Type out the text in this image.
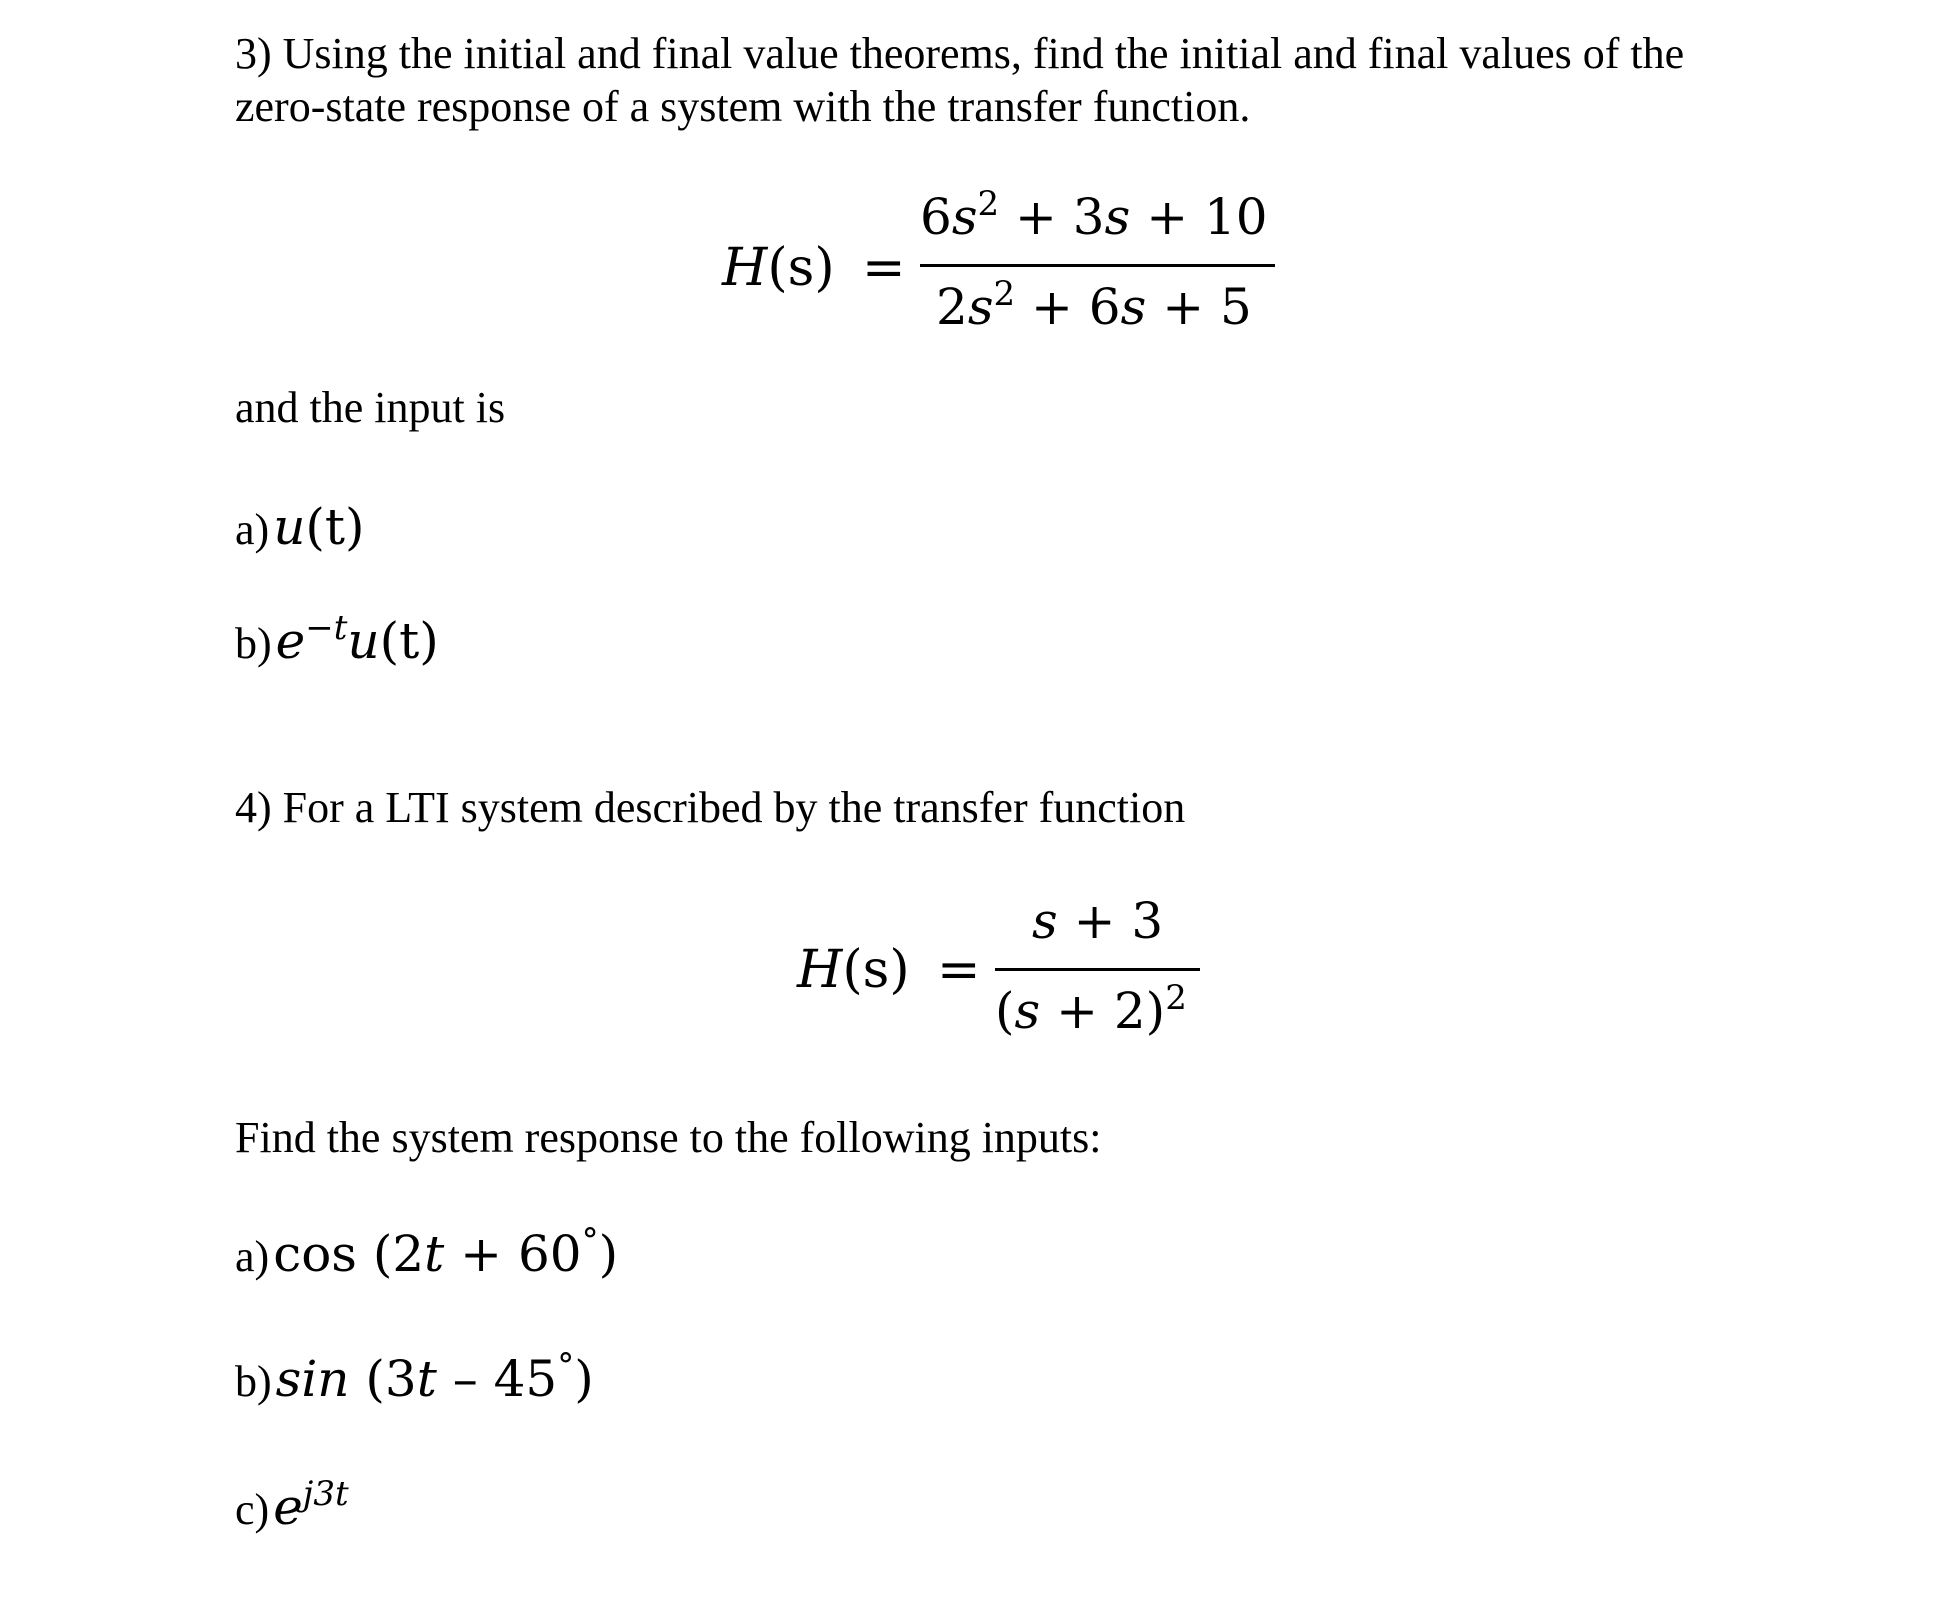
3) Using the initial and final value theorems, find the initial and final values of the
zero-state response of a system with the transfer function.
H(s) =
$6s^2 + 3s + 10$
$2s^2 + 6s + 5$
and the input is
a) u(t)
b) $e^{-t}u(t)$
4) For a LTI system described by the transfer function
H(s) =
s + 3
$(s + 2)^2$
Find the system response to the following inputs:
a) cos (2t + 60°)
b) sin (3t – 45°)
c) $e^{j3t}$
